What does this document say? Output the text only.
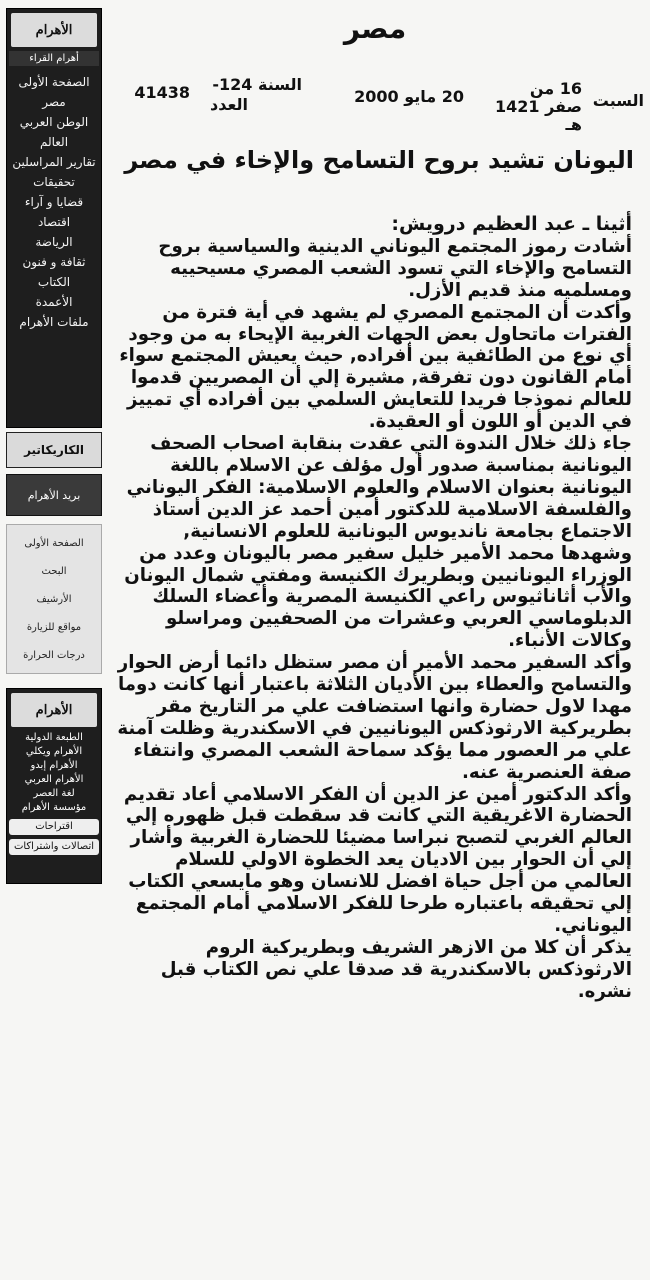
الأهرام
أهرام القراء
الصفحة الأولى
مصر
الوطن العربي
العالم
تقارير المراسلين
تحقيقات
قضايا و آراء
اقتصاد
الرياضة
ثقافة و فنون
الكتاب
الأعمدة
ملفات الأهرام
الكاريكاتير
بريد الأهرام
الصفحة الأولى
البحث
الأرشيف
مواقع للزيارة
درجات الحرارة
الأهرام
الطبعة الدولية
الأهرام ويكلي
الأهرام إبدو
الأهرام العربي
لغة العصر
مؤسسة الأهرام
اقتراحات
اتصالات واشتراكات
مصر
السبت
16 من صفر 1421 هـ
20 مايو 2000
السنة 124-
العدد
41438
اليونان تشيد بروح التسامح والإخاء في مصر

أثينا ـ عبد العظيم درويش:

أشادت رموز المجتمع اليوناني الدينية والسياسية بروح التسامح والإخاء التي تسود الشعب المصري مسيحييه ومسلميه منذ قديم الأزل.

وأكدت أن المجتمع المصري لم يشهد في أية فترة من الفترات ماتحاول بعض الجهات الغربية الإيحاء به من وجود أي نوع من الطائفية بين أفراده, حيث يعيش المجتمع سواء أمام القانون دون تفرقة, مشيرة إلي أن المصريين قدموا للعالم نموذجا فريدا للتعايش السلمي بين أفراده أي تمييز في الدين أو اللون أو العقيدة.

جاء ذلك خلال الندوة التي عقدت بنقابة اصحاب الصحف اليونانية بمناسبة صدور أول مؤلف عن الاسلام باللغة اليونانية بعنوان الاسلام والعلوم الاسلامية: الفكر اليوناني والفلسفة الاسلامية للدكتور أمين أحمد عز الدين أستاذ الاجتماع بجامعة نانديوس اليونانية للعلوم الانسانية, وشهدها محمد الأمير خليل سفير مصر باليونان وعدد من الوزراء اليونانيين وبطريرك الكنيسة ومفتي شمال اليونان والأب أثاناثيوس راعي الكنيسة المصرية وأعضاء السلك الدبلوماسي العربي وعشرات من الصحفيين ومراسلو وكالات الأنباء.

وأكد السفير محمد الأمير أن مصر ستظل دائما أرض الحوار والتسامح والعطاء بين الأديان الثلاثة باعتبار أنها كانت دوما مهدا لاول حضارة وانها استضافت علي مر التاريخ مقر بطريركية الارثوذكس اليونانيين في الاسكندرية وظلت آمنة علي مر العصور مما يؤكد سماحة الشعب المصري وانتفاء صفة العنصرية عنه.

وأكد الدكتور أمين عز الدين أن الفكر الاسلامي أعاد تقديم الحضارة الاغريقية التي كانت قد سقطت قبل ظهوره إلي العالم الغربي لتصبح نبراسا مضيئا للحضارة الغربية وأشار إلي أن الحوار بين الاديان يعد الخطوة الاولي للسلام العالمي من أجل حياة افضل للانسان وهو مايسعي الكتاب إلي تحقيقه باعتباره طرحا للفكر الاسلامي أمام المجتمع اليوناني.

يذكر أن كلا من الازهر الشريف وبطريركية الروم الارثوذكس بالاسكندرية قد صدقا علي نص الكتاب قبل نشره.
